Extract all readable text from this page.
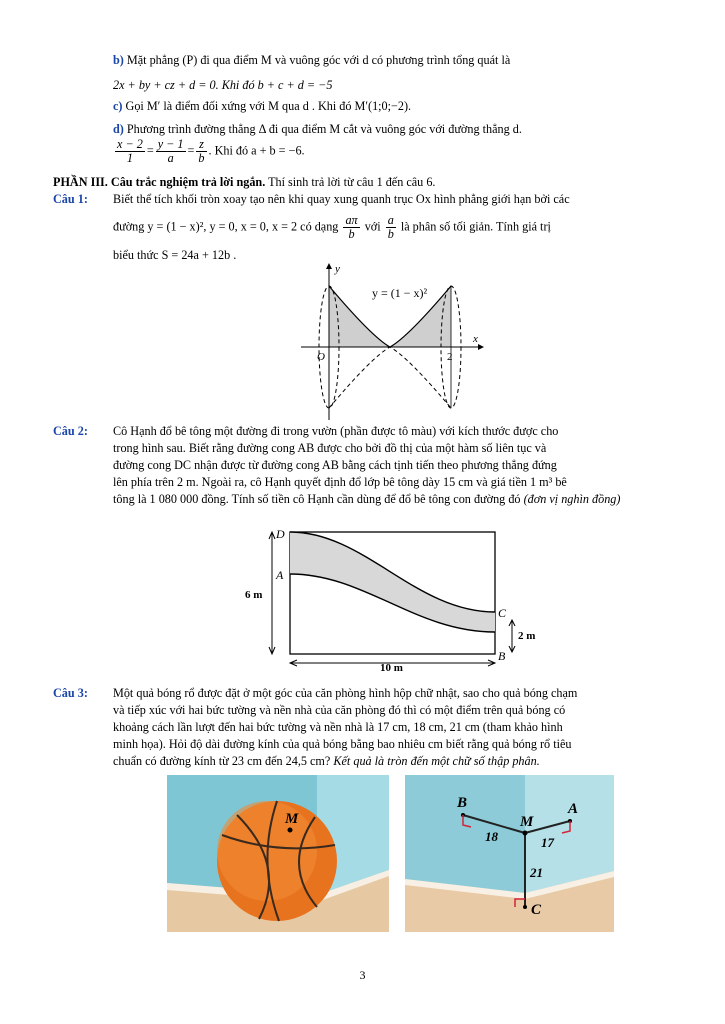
b) Mặt phẳng (P) đi qua điểm M và vuông góc với d có phương trình tổng quát là
2x + by + cz + d = 0. Khi đó b + c + d = −5
c) Gọi M′ là điểm đối xứng với M qua d . Khi đó M′(1;0;−2).
d) Phương trình đường thẳng Δ đi qua điểm M cắt và vuông góc với đường thẳng d.
$\frac{x - 2}{1} = \frac{y - 1}{a} = \frac{z}{b}$ . Khi đó a + b = −6.
PHẦN III. Câu trắc nghiệm trả lời ngắn. Thí sinh trả lời từ câu 1 đến câu 6.
Câu 1: Biết thể tích khối tròn xoay tạo nên khi quay xung quanh trục Ox hình phẳng giới hạn bởi các
đường y = (1 − x)², y = 0, x = 0, x = 2 có dạng $\frac{a\pi}{b}$ với $\frac{a}{b}$ là phân số tối giản. Tính giá trị
biểu thức S = 24a + 12b .
y
x
O	2
y = (1 − x)²
Câu 2: Cô Hạnh đổ bê tông một đường đi trong vườn (phần được tô màu) với kích thước được cho
trong hình sau. Biết rằng đường cong AB được cho bởi đồ thị của một hàm số liên tục và
đường cong DC nhận được từ đường cong AB bằng cách tịnh tiến theo phương thẳng đứng
lên phía trên 2 m. Ngoài ra, cô Hạnh quyết định đổ lớp bê tông dày 15 cm và giá tiền 1 m³ bê
tông là 1 080 000 đồng. Tính số tiền cô Hạnh cần dùng để đổ bê tông con đường đó (đơn vị nghìn đồng)
6 m
10 m
2 m
D
A
C
B
Câu 3: Một quả bóng rổ được đặt ở một góc của căn phòng hình hộp chữ nhật, sao cho quả bóng chạm
và tiếp xúc với hai bức tường và nền nhà của căn phòng đó thì có một điểm trên quả bóng có
khoảng cách lần lượt đến hai bức tường và nền nhà là 17 cm, 18 cm, 21 cm (tham khảo hình
minh họa). Hỏi độ dài đường kính của quả bóng bằng bao nhiêu cm biết rằng quả bóng rổ tiêu
chuẩn có đường kính từ 23 cm đến 24,5 cm? Kết quả là tròn đến một chữ số thập phân.
M
B
M
A
C
18	17
21
3
